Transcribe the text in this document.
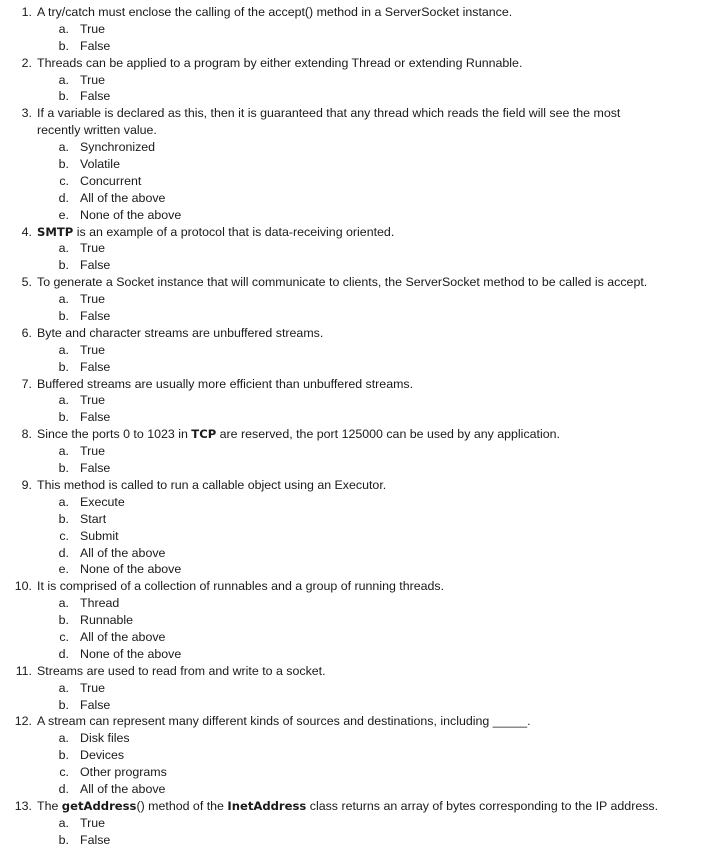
1. A try/catch must enclose the calling of the accept() method in a ServerSocket instance.
a. True
b. False
2. Threads can be applied to a program by either extending Thread or extending Runnable.
a. True
b. False
3. If a variable is declared as this, then it is guaranteed that any thread which reads the field will see the most
recently written value.
a. Synchronized
b. Volatile
c. Concurrent
d. All of the above
e. None of the above
4. SMTP is an example of a protocol that is data-receiving oriented.
a. True
b. False
5. To generate a Socket instance that will communicate to clients, the ServerSocket method to be called is accept.
a. True
b. False
6. Byte and character streams are unbuffered streams.
a. True
b. False
7. Buffered streams are usually more efficient than unbuffered streams.
a. True
b. False
8. Since the ports 0 to 1023 in TCP are reserved, the port 125000 can be used by any application.
a. True
b. False
9. This method is called to run a callable object using an Executor.
a. Execute
b. Start
c. Submit
d. All of the above
e. None of the above
10. It is comprised of a collection of runnables and a group of running threads.
a. Thread
b. Runnable
c. All of the above
d. None of the above
11. Streams are used to read from and write to a socket.
a. True
b. False
12. A stream can represent many different kinds of sources and destinations, including _____.
a. Disk files
b. Devices
c. Other programs
d. All of the above
13. The getAddress() method of the InetAddress class returns an array of bytes corresponding to the IP address.
a. True
b. False
